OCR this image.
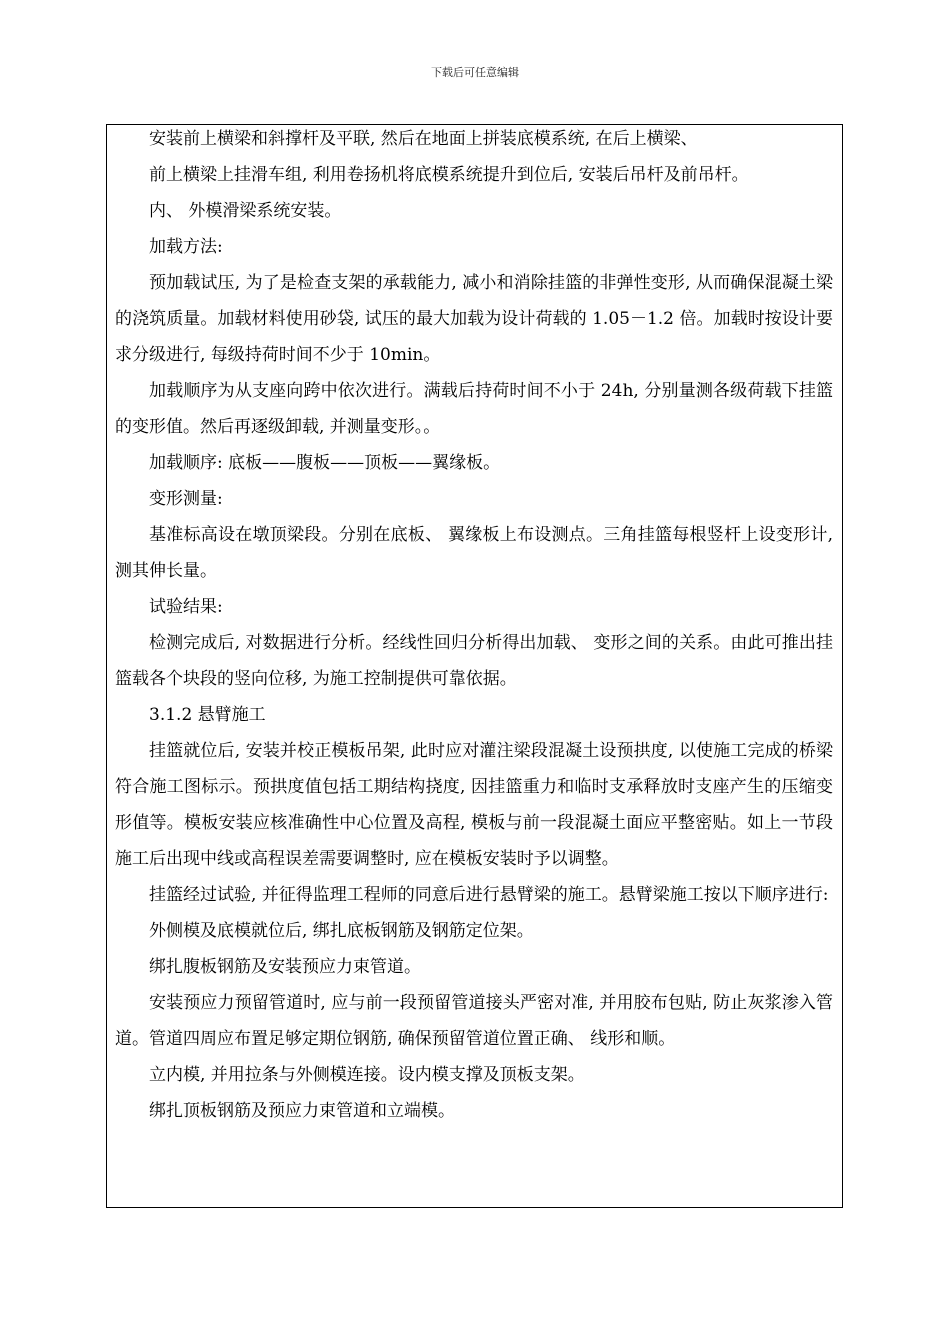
下载后可任意编辑

安装前上横梁和斜撑杆及平联, 然后在地面上拼装底模系统, 在后上横梁、

前上横梁上挂滑车组, 利用卷扬机将底模系统提升到位后, 安装后吊杆及前吊杆。

内、 外模滑梁系统安装。

加载方法:

预加载试压, 为了是检查支架的承载能力, 减小和消除挂篮的非弹性变形, 从而确保混凝土梁的浇筑质量。加载材料使用砂袋, 试压的最大加载为设计荷载的 1.05－1.2 倍。加载时按设计要求分级进行, 每级持荷时间不少于 10min。

加载顺序为从支座向跨中依次进行。满载后持荷时间不小于 24h, 分别量测各级荷载下挂篮的变形值。然后再逐级卸载, 并测量变形。。

加载顺序: 底板——腹板——顶板——翼缘板。

变形测量:

基准标高设在墩顶梁段。分别在底板、 翼缘板上布设测点。三角挂篮每根竖杆上设变形计,测其伸长量。

试验结果:

检测完成后, 对数据进行分析。经线性回归分析得出加载、 变形之间的关系。由此可推出挂篮载各个块段的竖向位移, 为施工控制提供可靠依据。

3.1.2 悬臂施工

挂篮就位后, 安装并校正模板吊架, 此时应对灌注梁段混凝土设预拱度, 以使施工完成的桥梁符合施工图标示。预拱度值包括工期结构挠度, 因挂篮重力和临时支承释放时支座产生的压缩变形值等。模板安装应核准确性中心位置及高程, 模板与前一段混凝土面应平整密贴。如上一节段施工后出现中线或高程误差需要调整时, 应在模板安装时予以调整。

挂篮经过试验, 并征得监理工程师的同意后进行悬臂梁的施工。悬臂梁施工按以下顺序进行:

外侧模及底模就位后, 绑扎底板钢筋及钢筋定位架。

绑扎腹板钢筋及安装预应力束管道。

安装预应力预留管道时, 应与前一段预留管道接头严密对准, 并用胶布包贴, 防止灰浆渗入管道。管道四周应布置足够定期位钢筋, 确保预留管道位置正确、 线形和顺。

立内模, 并用拉条与外侧模连接。设内模支撑及顶板支架。

绑扎顶板钢筋及预应力束管道和立端模。
